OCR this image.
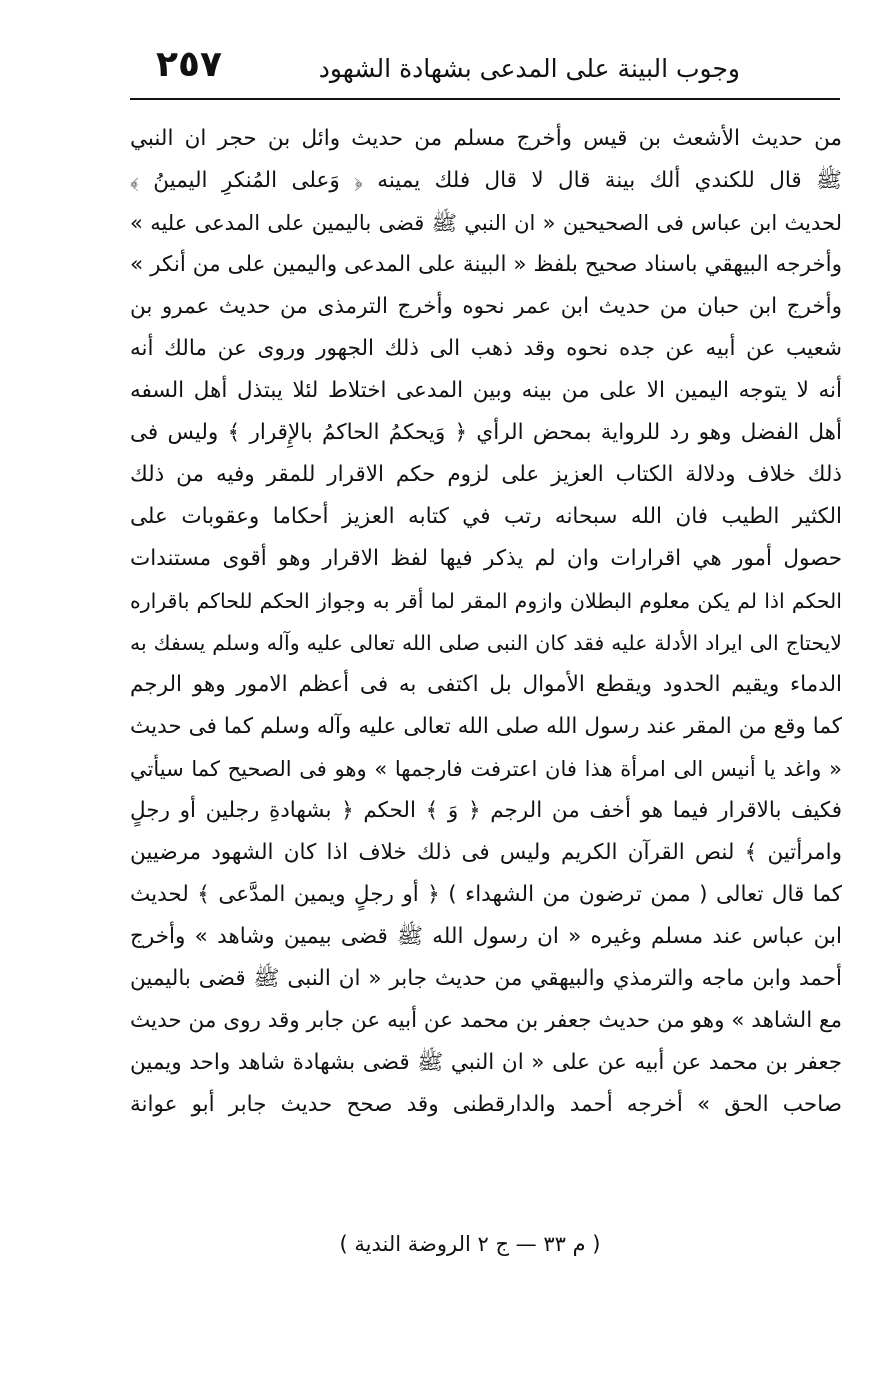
وجوب البينة على المدعى بشهادة الشهود
٢٥٧
من حديث الأشعث بن قيس وأخرج مسلم من حديث وائل بن حجر ان النبي
ﷺ قال للكندي ألك بينة قال لا قال فلك يمينه ﴿ وَعلى المُنكرِ اليمينُ ﴾
لحديث ابن عباس فى الصحيحين « ان النبي ﷺ قضى باليمين على المدعى عليه »
وأخرجه البيهقي باسناد صحيح بلفظ « البينة على المدعى واليمين على من أنكر »
وأخرج ابن حبان من حديث ابن عمر نحوه وأخرج الترمذى من حديث عمرو بن
شعيب عن أبيه عن جده نحوه وقد ذهب الى ذلك الجهور وروى عن مالك أنه
أنه لا يتوجه اليمين الا على من بينه وبين المدعى اختلاط لئلا يبتذل أهل السفه
أهل الفضل وهو رد للرواية بمحض الرأي ﴿ وَيحكمُ الحاكمُ بالإِقرار ﴾ وليس فى
ذلك خلاف ودلالة الكتاب العزيز على لزوم حكم الاقرار للمقر وفيه من ذلك
الكثير الطيب فان الله سبحانه رتب في كتابه العزيز أحكاما وعقوبات على
حصول أمور هي اقرارات وان لم يذكر فيها لفظ الاقرار وهو أقوى مستندات
الحكم اذا لم يكن معلوم البطلان وازوم المقر لما أقر به وجواز الحكم للحاكم باقراره
لايحتاج الى ايراد الأدلة عليه فقد كان النبى صلى الله تعالى عليه وآله وسلم يسفك به
الدماء ويقيم الحدود ويقطع الأموال بل اكتفى به فى أعظم الامور وهو الرجم
كما وقع من المقر عند رسول الله صلى الله تعالى عليه وآله وسلم كما فى حديث
« واغد يا أنيس الى امرأة هذا فان اعترفت فارجمها » وهو فى الصحيح كما سيأتي
فكيف بالاقرار فيما هو أخف من الرجم ﴿ وَ ﴾ الحكم ﴿ بشهادةِ رجلين أو رجلٍ
وامرأتين ﴾ لنص القرآن الكريم وليس فى ذلك خلاف اذا كان الشهود مرضيين
كما قال تعالى ( ممن ترضون من الشهداء ) ﴿ أو رجلٍ ويمين المدَّعى ﴾ لحديث
ابن عباس عند مسلم وغيره « ان رسول الله ﷺ قضى بيمين وشاهد » وأخرج
أحمد وابن ماجه والترمذي والبيهقي من حديث جابر « ان النبى ﷺ قضى باليمين
مع الشاهد » وهو من حديث جعفر بن محمد عن أبيه عن جابر وقد روى من حديث
جعفر بن محمد عن أبيه عن على « ان النبي ﷺ قضى بشهادة شاهد واحد ويمين
صاحب الحق » أخرجه أحمد والدارقطنى وقد صحح حديث جابر أبو عوانة
( م ٣٣ — ج ٢ الروضة الندية )
